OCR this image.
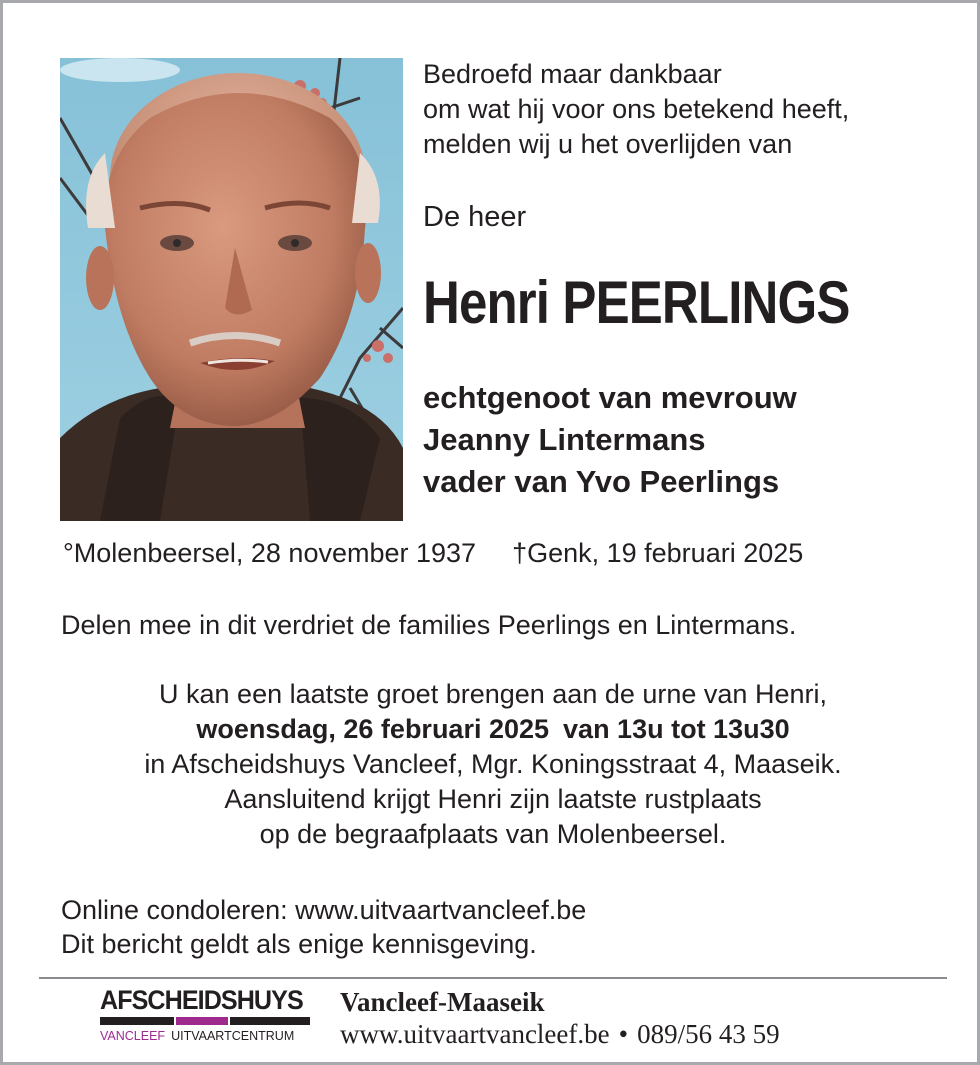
Bedroefd maar dankbaar
om wat hij voor ons betekend heeft,
melden wij u het overlijden van
De heer
Henri PEERLINGS
echtgenoot van mevrouw
Jeanny Lintermans
vader van Yvo Peerlings
°Molenbeersel, 28 november 1937 †Genk, 19 februari 2025
Delen mee in dit verdriet de families Peerlings en Lintermans.
U kan een laatste groet brengen aan de urne van Henri,
woensdag, 26 februari 2025 van 13u tot 13u30
in Afscheidshuys Vancleef, Mgr. Koningsstraat 4, Maaseik.
Aansluitend krijgt Henri zijn laatste rustplaats
op de begraafplaats van Molenbeersel.
Online condoleren: www.uitvaartvancleef.be
Dit bericht geldt als enige kennisgeving.
AFSCHEIDSHUYS
VANCLEEF UITVAARTCENTRUM
Vancleef-Maaseik
www.uitvaartvancleef.be • 089/56 43 59
